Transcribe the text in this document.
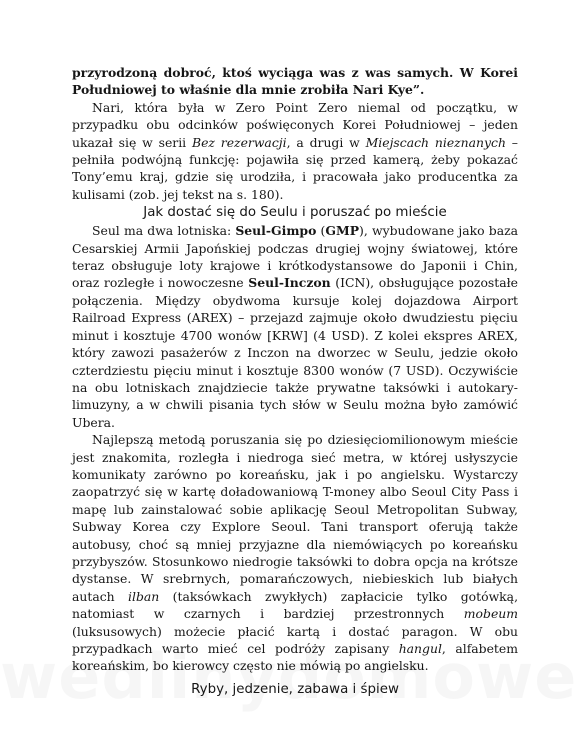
przyrodzoną dobroć, ktoś wyciąga was z was samych. W Korei Południowej to właśnie dla mnie zrobiła Nari Kye”.

Nari, która była w Zero Point Zero niemal od początku, w przypadku obu odcinków poświęconych Korei Południowej – jeden ukazał się w serii Bez rezerwacji, a drugi w Miejscach nieznanych – pełniła podwójną funkcję: pojawiła się przed kamerą, żeby pokazać Tony’emu kraj, gdzie się urodziła, i pracowała jako producentka za kulisami (zob. jej tekst na s. 180).

Jak dostać się do Seulu i poruszać po mieście

Seul ma dwa lotniska: Seul-Gimpo (GMP), wybudowane jako baza Cesarskiej Armii Japońskiej podczas drugiej wojny światowej, które teraz obsługuje loty krajowe i krótkodystansowe do Japonii i Chin, oraz rozległe i nowoczesne Seul-Inczon (ICN), obsługujące pozostałe połączenia. Między obydwoma kursuje kolej dojazdowa Airport Railroad Express (AREX) – przejazd zajmuje około dwudziestu pięciu minut i kosztuje 4700 wonów [KRW] (4 USD). Z kolei ekspres AREX, który zawozi pasażerów z Inczon na dworzec w Seulu, jedzie około czterdziestu pięciu minut i kosztuje 8300 wonów (7 USD). Oczywiście na obu lotniskach znajdziecie także prywatne taksówki i autokary-limuzyny, a w chwili pisania tych słów w Seulu można było zamówić Ubera.

Najlepszą metodą poruszania się po dziesięciomilionowym mieście jest znakomita, rozległa i niedroga sieć metra, w której usłyszycie komunikaty zarówno po koreańsku, jak i po angielsku. Wystarczy zaopatrzyć się w kartę doładowaniową T-money albo Seoul City Pass i mapę lub zainstalować sobie aplikację Seoul Metropolitan Subway, Subway Korea czy Explore Seoul. Tani transport oferują także autobusy, choć są mniej przyjazne dla niemówiących po koreańsku przybyszów. Stosunkowo niedrogie taksówki to dobra opcja na krótsze dystanse. W srebrnych, pomarańczowych, niebieskich lub białych autach ilban (taksówkach zwykłych) zapłacicie tylko gotówką, natomiast w czarnych i bardziej przestronnych mobeum (luksusowych) możecie płacić kartą i dostać paragon. W obu przypadkach warto mieć cel podróży zapisany hangul, alfabetem koreańskim, bo kierowcy często nie mówią po angielsku.

Ryby, jedzenie, zabawa i śpiew
